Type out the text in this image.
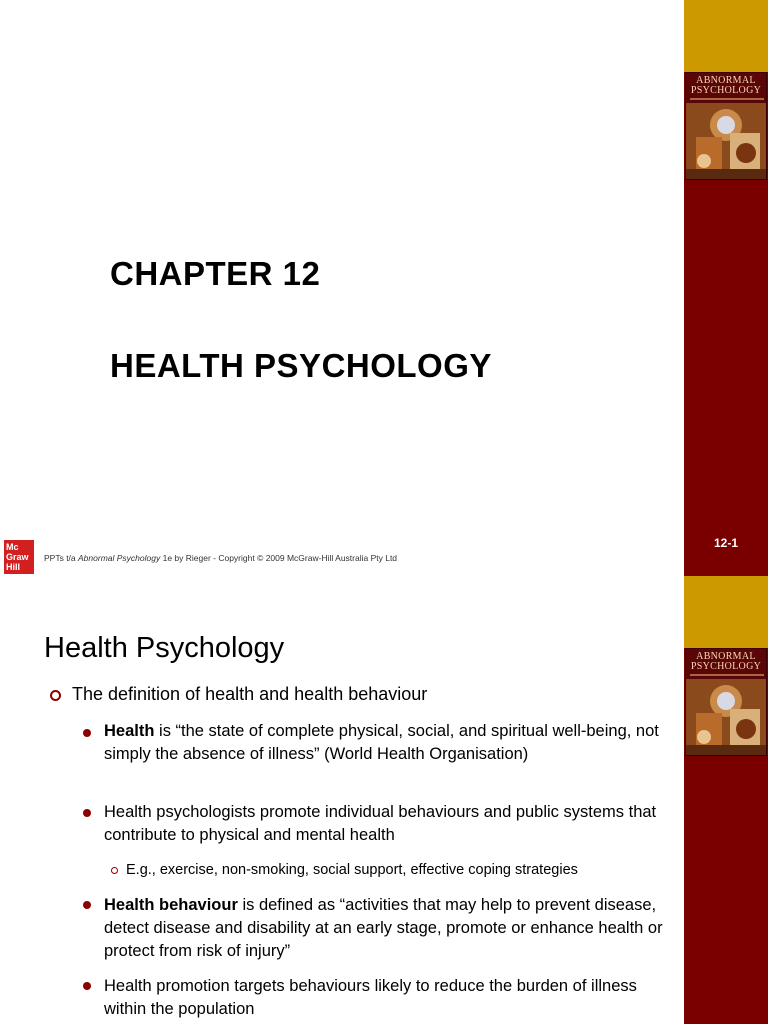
ABNORMAL
PSYCHOLOGY
CHAPTER 12
HEALTH PSYCHOLOGY
12-1
Mc
Graw
Hill
PPTs t/a Abnormal Psychology 1e by Rieger - Copyright © 2009 McGraw-Hill Australia Pty Ltd
ABNORMAL
PSYCHOLOGY
Health Psychology
The definition of health and health behaviour
Health is “the state of complete physical, social, and spiritual well-being, not simply the absence of illness” (World Health Organisation)
Health psychologists promote individual behaviours and public systems that contribute to physical and mental health
E.g., exercise, non-smoking, social support, effective coping strategies
Health behaviour is defined as “activities that may help to prevent disease, detect disease and disability at an early stage, promote or enhance health or protect from risk of injury”
Health promotion targets behaviours likely to reduce the burden of illness within the population
